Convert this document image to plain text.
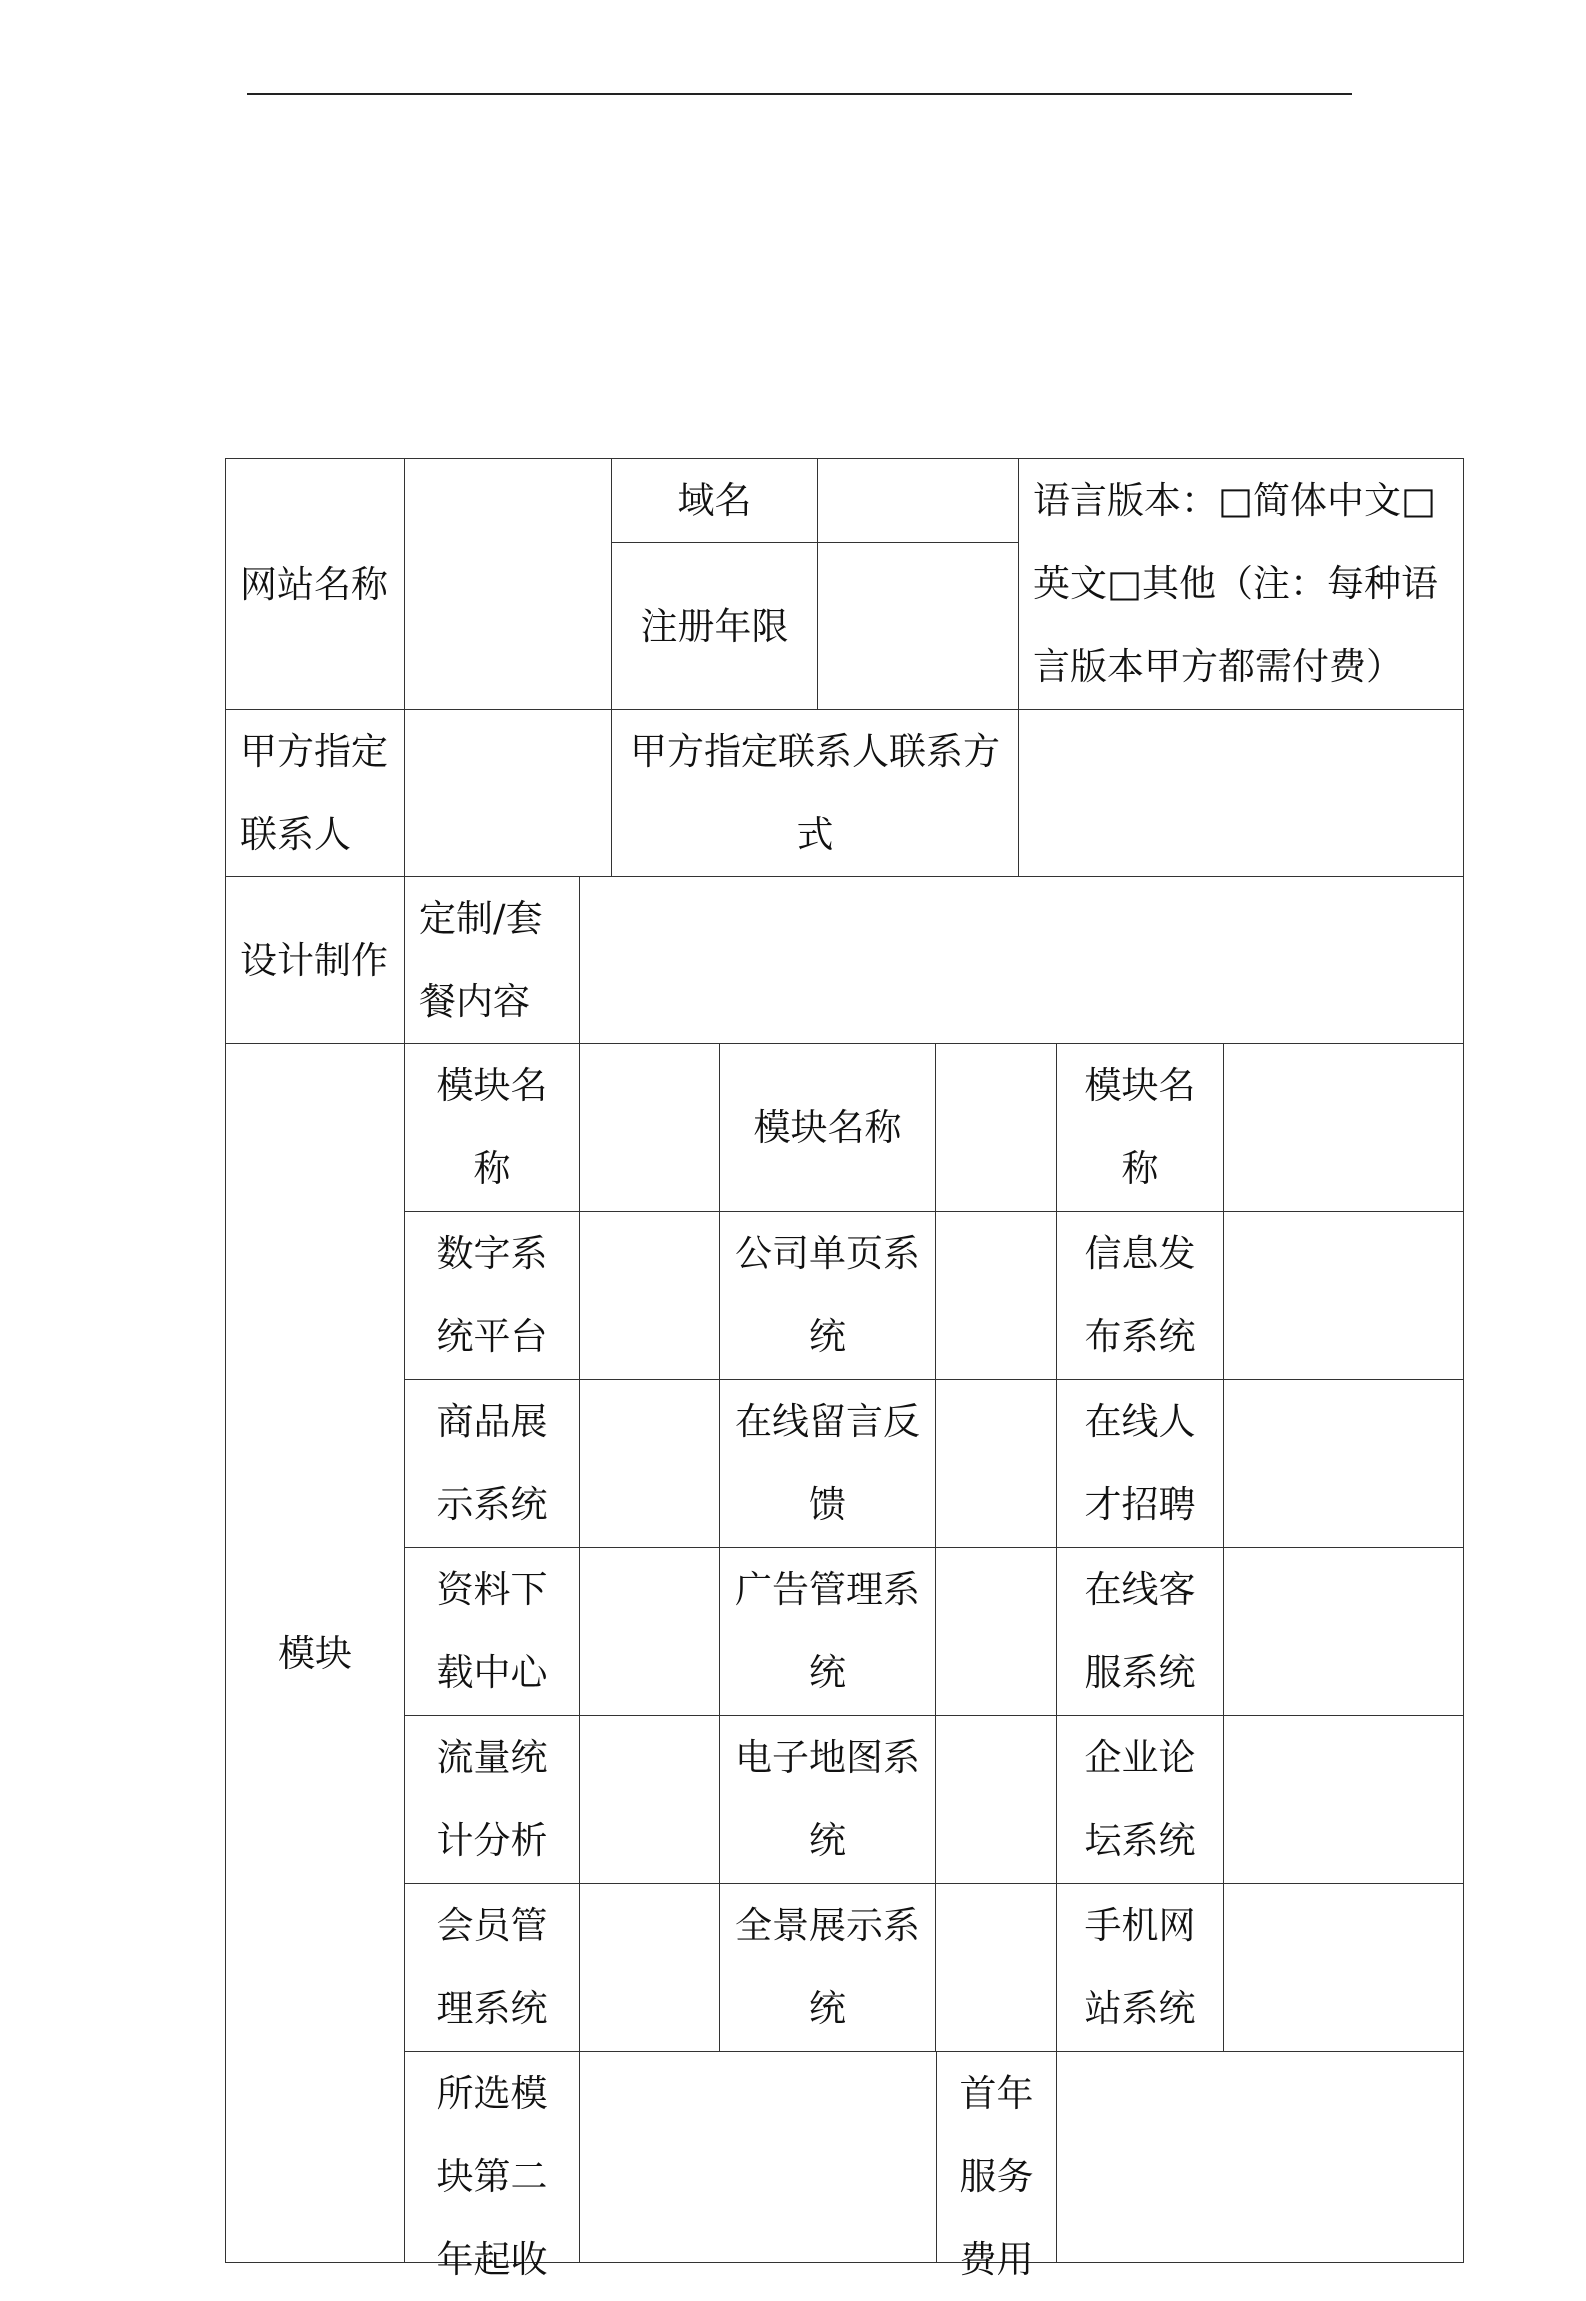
网站名称
域名
注册年限
语言版本：□简体中文□
英文□其他（注：每种语
言版本甲方都需付费）
甲方指定
联系人
甲方指定联系人联系方
式
设计制作
定制/套
餐内容
模块
模块名
称
模块名称
模块名
称
数字系
统平台
公司单页系
统
信息发
布系统
商品展
示系统
在线留言反
馈
在线人
才招聘
资料下
载中心
广告管理系
统
在线客
服系统
流量统
计分析
电子地图系
统
企业论
坛系统
会员管
理系统
全景展示系
统
手机网
站系统
所选模
块第二
年起收
首年
服务
费用
